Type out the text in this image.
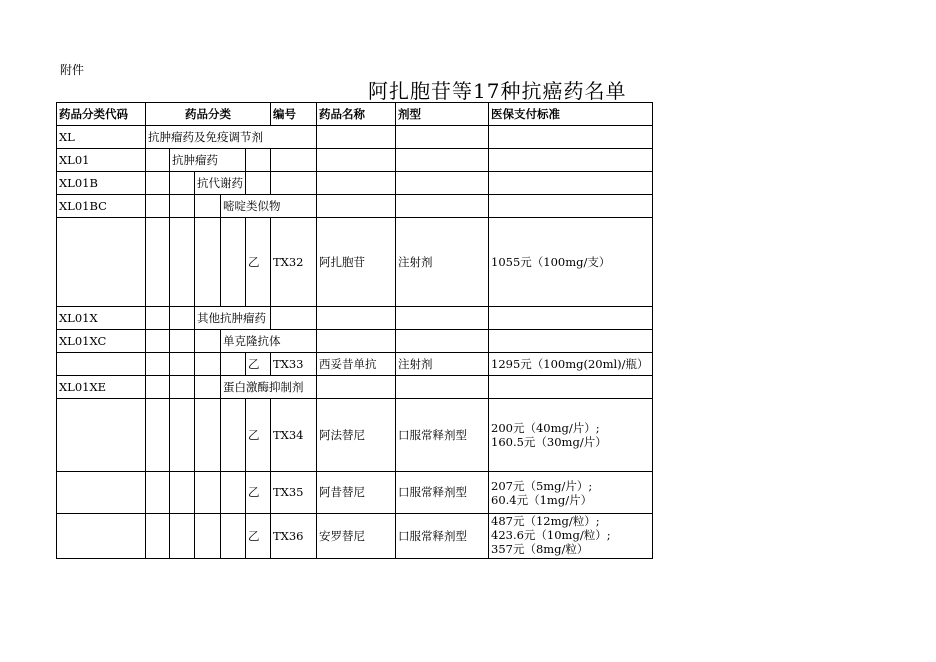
附件
阿扎胞苷等17种抗癌药名单
药品分类代码	药品分类					编号	药品名称	剂型	医保支付标准
XL	抗肿瘤药及免疫调节剂								
XL01		抗肿瘤药							
XL01B			抗代谢药						
XL01BC				嘧啶类似物					
					乙	TX32	阿扎胞苷	注射剂	1055元（100mg/支）

XL01X			其他抗肿瘤药						
XL01XC				单克隆抗体					
					乙	TX33	西妥昔单抗	注射剂	1295元（100mg(20ml)/瓶）

XL01XE				蛋白激酶抑制剂					
					乙	TX34	阿法替尼	口服常释剂型	200元（40mg/片）;
160.5元（30mg/片）

					乙	TX35	阿昔替尼	口服常释剂型	207元（5mg/片）;
60.4元（1mg/片）

					乙	TX36	安罗替尼	口服常释剂型	487元（12mg/粒）;
423.6元（10mg/粒）;
357元（8mg/粒）
